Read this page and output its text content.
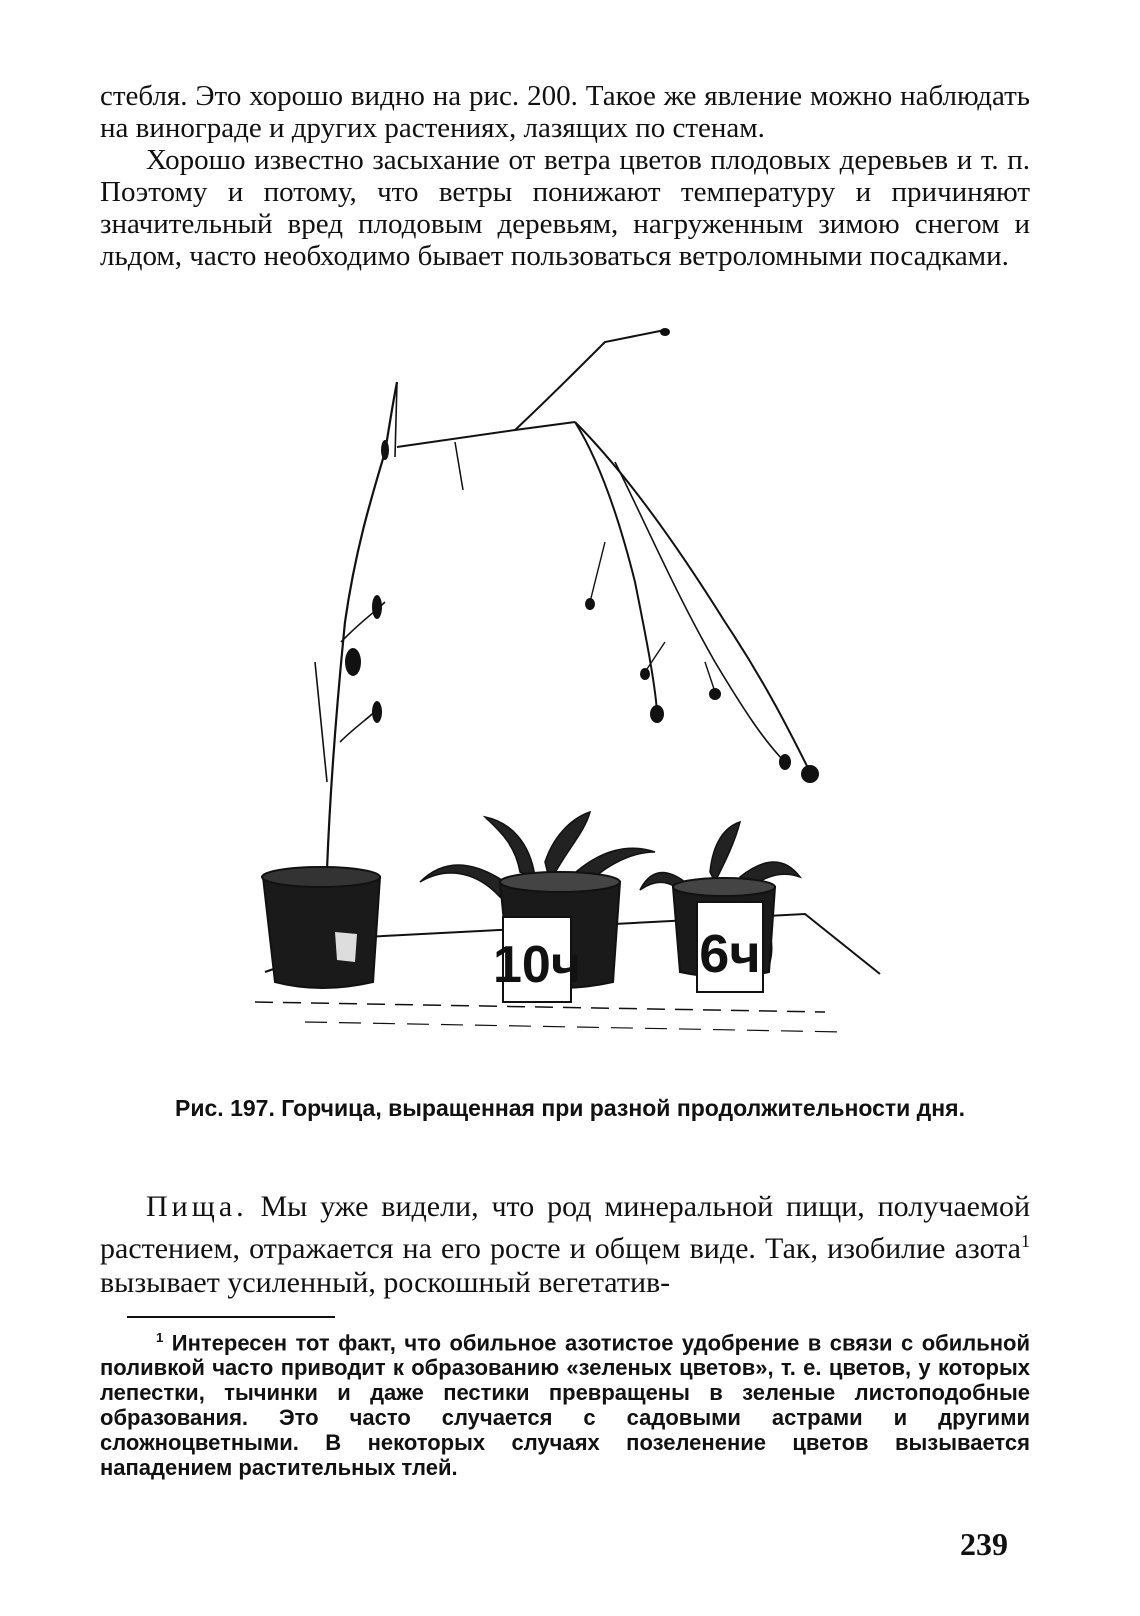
стебля. Это хорошо видно на рис. 200. Такое же явление можно наблюдать на винограде и других растениях, лазящих по стенам.

Хорошо известно засыхание от ветра цветов плодовых деревьев и т. п. Поэтому и потому, что ветры понижают температуру и причиняют значительный вред плодовым деревьям, нагруженным зимою снегом и льдом, часто необходимо бывает пользоваться ветроломными посадками.

10ч 6ч

Рис. 197. Горчица, выращенная при разной продолжительности дня.

Пища. Мы уже видели, что род минеральной пищи, получаемой растением, отражается на его росте и общем виде. Так, изобилие азота$^1$ вызывает усиленный, роскошный вегетатив-

$^1$ Интересен тот факт, что обильное азотистое удобрение в связи с обильной поливкой часто приводит к образованию «зеленых цветов», т. е. цветов, у которых лепестки, тычинки и даже пестики превращены в зеленые листоподобные образования. Это часто случается с садовыми астрами и другими сложноцветными. В некоторых случаях позеленение цветов вызывается нападением растительных тлей.

239
